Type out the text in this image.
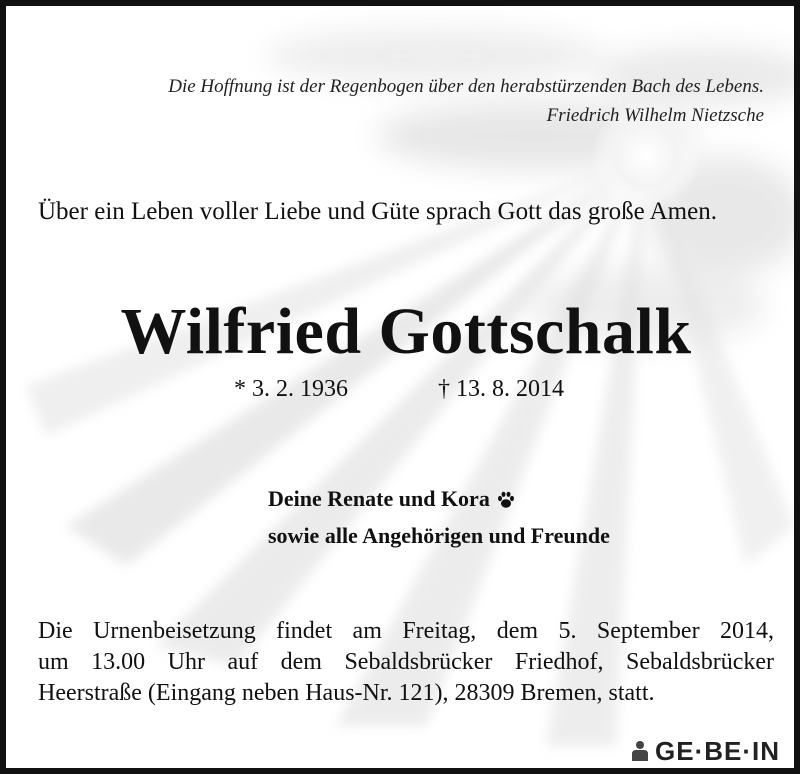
Die Hoffnung ist der Regenbogen über den herabstürzenden Bach des Lebens.
Friedrich Wilhelm Nietzsche
Über ein Leben voller Liebe und Güte sprach Gott das große Amen.
Wilfried Gottschalk
* 3. 2. 1936	† 13. 8. 2014
Deine Renate und Kora
sowie alle Angehörigen und Freunde
Die Urnenbeisetzung findet am Freitag, dem 5. September 2014,
um 13.00 Uhr auf dem Sebaldsbrücker Friedhof, Sebaldsbrücker
Heerstraße (Eingang neben Haus-Nr. 121), 28309 Bremen, statt.
GE·BE·IN
